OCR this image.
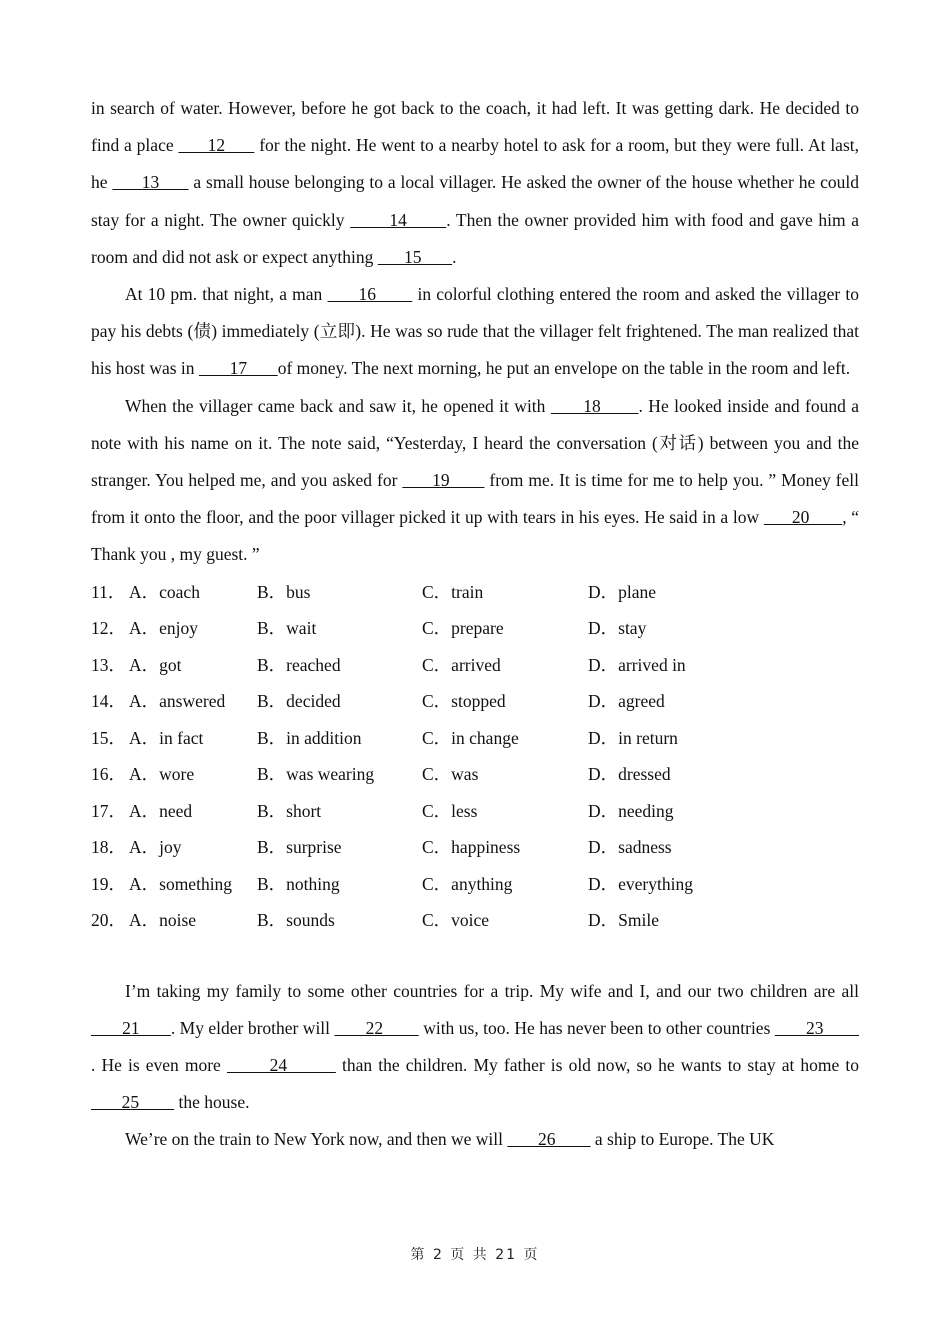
in search of water. However, before he got back to the coach, it had left. It was getting dark. He decided to find a place       12       for the night. He went to a nearby hotel to ask for a room, but they were full. At last, he       13       a small house belonging to a local villager. He asked the owner of the house whether he could stay for a night. The owner quickly        14       . Then the owner provided him with food and gave him a room and did not ask or expect anything       15       .

At 10 pm. that night, a man       16        in colorful clothing entered the room and asked the villager to pay his debts (债) immediately (立即). He was so rude that the villager felt frightened. The man realized that his host was in        17       of money. The next morning, he put an envelope on the table in the room and left.

When the villager came back and saw it, he opened it with       18       . He looked inside and found a note with his name on it. The note said, “Yesterday, I heard the conversation (对话) between you and the stranger. You helped me, and you asked for       19        from me. It is time for me to help you. ” Money fell from it onto the floor, and the poor villager picked it up with tears in his eyes. He said in a low       20       , “ Thank you , my guest. ”

11． A．coach	B．bus	C．train	D．plane
12． A．enjoy	B．wait	C．prepare	D．stay
13． A．got	B．reached	C．arrived	D．arrived in
14． A．answered B．decided	C．stopped	D．agreed
15． A．in fact	B．in addition	C．in change	D．in return
16． A．wore	B．was wearing	C．was	D．dressed
17． A．need	B．short	C．less	D．needing
18． A．joy	B．surprise	C．happiness	D．sadness
19． A．something B．nothing	C．anything	D．everything
20． A．noise	B．sounds	C．voice	D．Smile

I’m taking my family to some other countries for a trip. My wife and I, and our two children are all        21       . My elder brother will        22         with us, too. He has never been to other countries        23         . He is even more        24         than the children. My father is old now, so he wants to stay at home to        25         the house.

We’re on the train to New York now, and then we will        26         a ship to Europe. The UK

第 2 页 共 21 页
